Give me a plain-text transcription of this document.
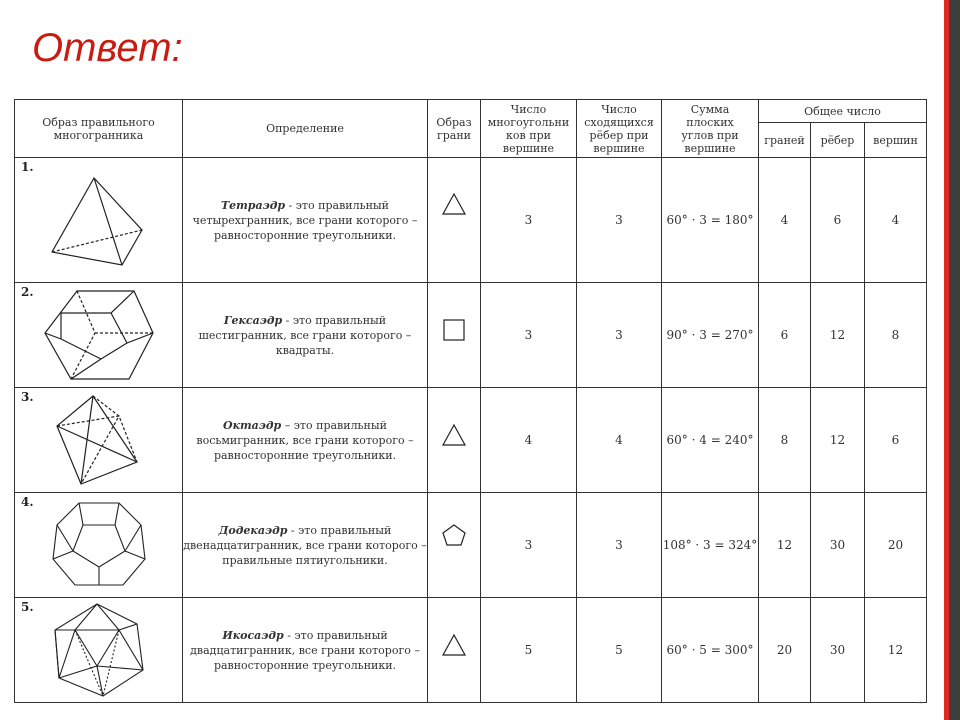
Ответ:
Образ правильного многогранника	Определение	Образ грани	Число многоугольни ков при вершине	Число сходящихся рёбер при вершине	Сумма плоских углов при вершине	Общее число		
						граней	рёбер	вершин

1.	Тетраэдр - это правильный четырехгранник, все грани которого – равносторонние треугольники.		3	3	60° · 3 = 180°	4	6	4

2.	Гексаэдр - это правильный шестигранник, все грани которого – квадраты.		3	3	90° · 3 = 270°	6	12	8

3.	Октаэдр – это правильный восьмигранник, все грани которого – равносторонние треугольники.		4	4	60° · 4 = 240°	8	12	6

4.	Додекаэдр - это правильный двенадцатигранник, все грани которого – правильные пятиугольники.		3	3	108° · 3 = 324°	12	30	20

5.	Икосаэдр - это правильный двадцатигранник, все грани которого – равносторонние треугольники.		5	5	60° · 5 = 300°	20	30	12
▫
